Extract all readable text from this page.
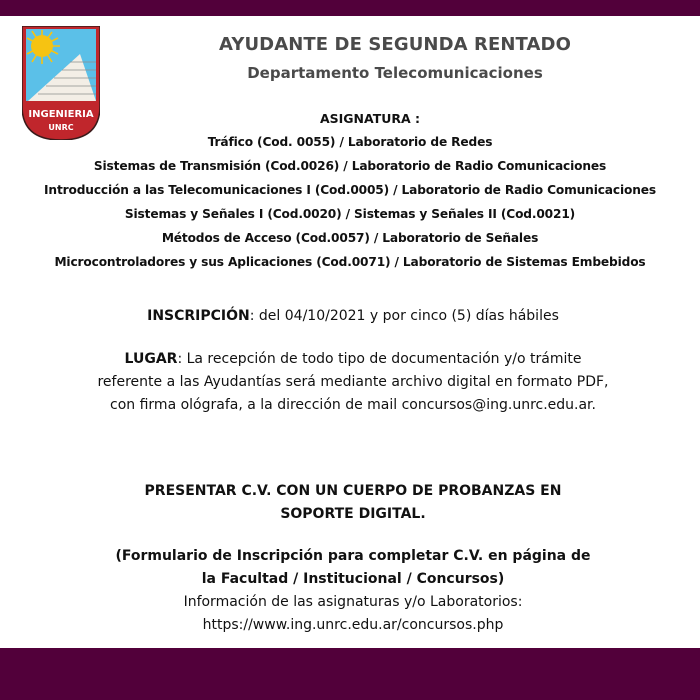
INGENIERIA
UNRC
AYUDANTE DE SEGUNDA RENTADO
Departamento Telecomunicaciones
ASIGNATURA :
Tráfico (Cod. 0055) / Laboratorio de Redes
Sistemas de Transmisión (Cod.0026) / Laboratorio de Radio Comunicaciones
Introducción a las Telecomunicaciones I (Cod.0005) / Laboratorio de Radio Comunicaciones
Sistemas y Señales I (Cod.0020) / Sistemas y Señales II (Cod.0021)
Métodos de Acceso (Cod.0057) / Laboratorio de Señales
Microcontroladores y sus Aplicaciones (Cod.0071) / Laboratorio de Sistemas Embebidos
INSCRIPCIÓN: del 04/10/2021 y por cinco (5) días hábiles
LUGAR: La recepción de todo tipo de documentación y/o trámite referente a las Ayudantías será mediante archivo digital en formato PDF, con firma ológrafa, a la dirección de mail concursos@ing.unrc.edu.ar.
PRESENTAR C.V. CON UN CUERPO DE PROBANZAS EN
SOPORTE DIGITAL.
(Formulario de Inscripción para completar C.V. en página de
la Facultad / Institucional / Concursos)
Información de las asignaturas y/o Laboratorios:
https://www.ing.unrc.edu.ar/concursos.php
